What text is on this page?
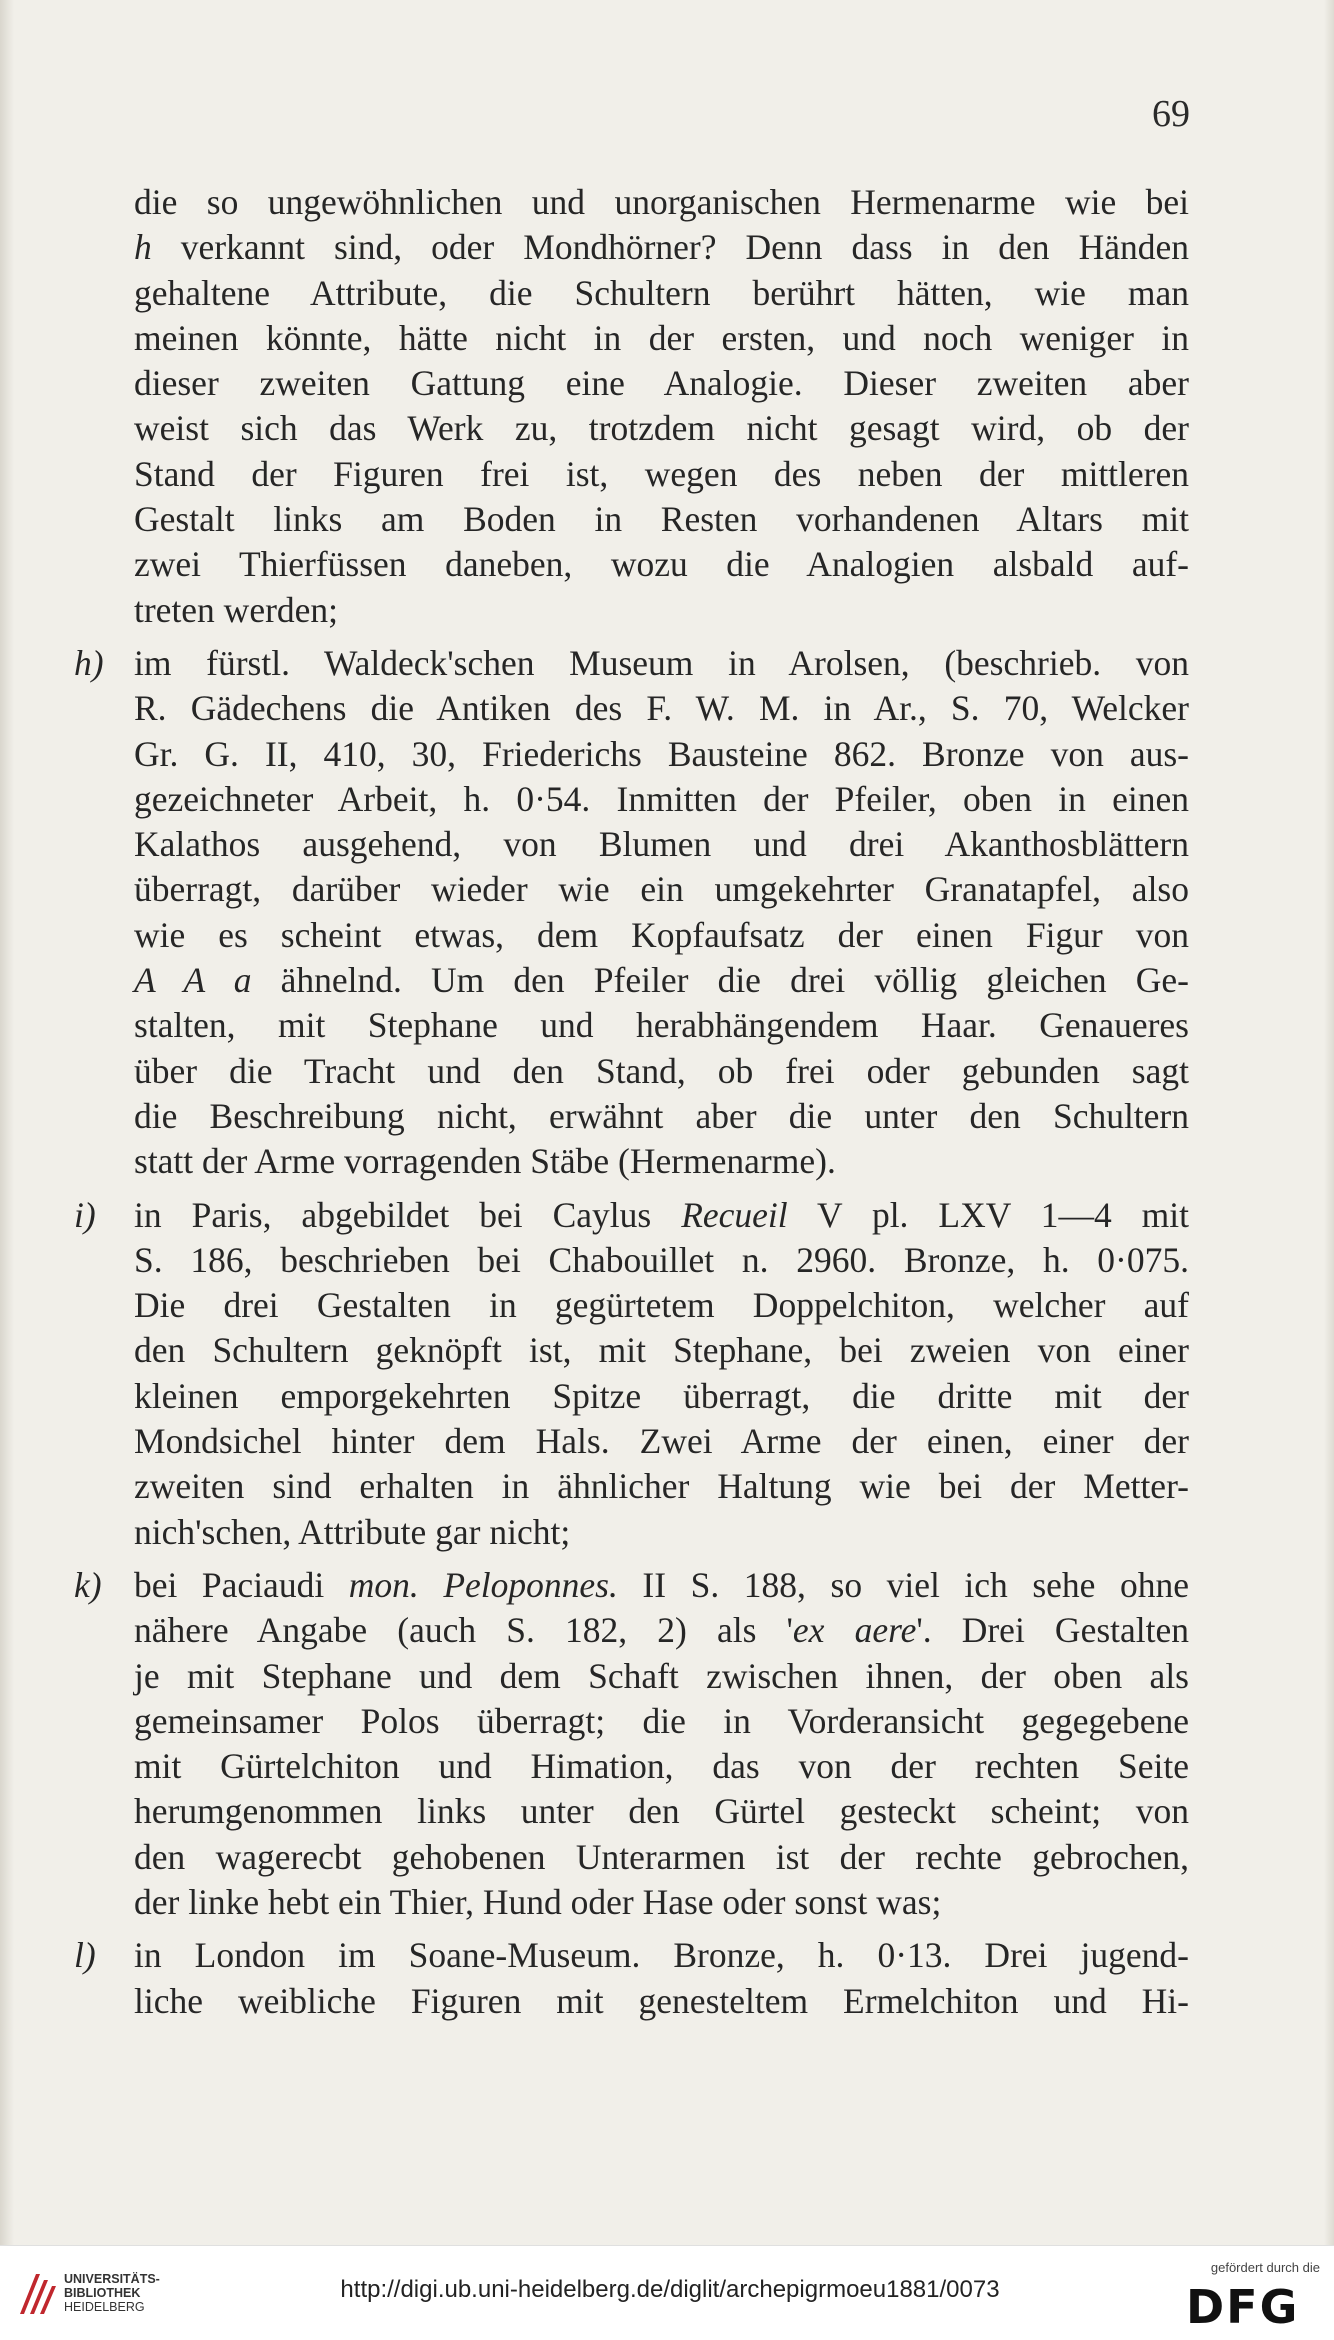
69
die so ungewöhnlichen und unorganischen Hermenarme wie bei
h verkannt sind, oder Mondhörner? Denn dass in den Händen
gehaltene Attribute, die Schultern berührt hätten, wie man
meinen könnte, hätte nicht in der ersten, und noch weniger in
dieser zweiten Gattung eine Analogie. Dieser zweiten aber
weist sich das Werk zu, trotzdem nicht gesagt wird, ob der
Stand der Figuren frei ist, wegen des neben der mittleren
Gestalt links am Boden in Resten vorhandenen Altars mit
zwei Thierfüssen daneben, wozu die Analogien alsbald auf-
treten werden;
h) im fürstl. Waldeck'schen Museum in Arolsen, (beschrieb. von
R. Gädechens die Antiken des F. W. M. in Ar., S. 70, Welcker
Gr. G. II, 410, 30, Friederichs Bausteine 862. Bronze von aus-
gezeichneter Arbeit, h. 0·54. Inmitten der Pfeiler, oben in einen
Kalathos ausgehend, von Blumen und drei Akanthosblättern
überragt, darüber wieder wie ein umgekehrter Granatapfel, also
wie es scheint etwas, dem Kopfaufsatz der einen Figur von
A A a ähnelnd. Um den Pfeiler die drei völlig gleichen Ge-
stalten, mit Stephane und herabhängendem Haar. Genaueres
über die Tracht und den Stand, ob frei oder gebunden sagt
die Beschreibung nicht, erwähnt aber die unter den Schultern
statt der Arme vorragenden Stäbe (Hermenarme).
i)	in Paris, abgebildet bei Caylus Recueil V pl. LXV 1—4 mit
S. 186, beschrieben bei Chabouillet n. 2960. Bronze, h. 0·075.
Die drei Gestalten in gegürtetem Doppelchiton, welcher auf
den Schultern geknöpft ist, mit Stephane, bei zweien von einer
kleinen emporgekehrten Spitze überragt, die dritte mit der
Mondsichel hinter dem Hals. Zwei Arme der einen, einer der
zweiten sind erhalten in ähnlicher Haltung wie bei der Metter-
nich'schen, Attribute gar nicht;
k) bei Paciaudi mon. Peloponnes. II S. 188, so viel ich sehe ohne
nähere Angabe (auch S. 182, 2) als 'ex aere'. Drei Gestalten
je mit Stephane und dem Schaft zwischen ihnen, der oben als
gemeinsamer Polos überragt; die in Vorderansicht gegegebene
mit Gürtelchiton und Himation, das von der rechten Seite
herumgenommen links unter den Gürtel gesteckt scheint; von
den wagerecbt gehobenen Unterarmen ist der rechte gebrochen,
der linke hebt ein Thier, Hund oder Hase oder sonst was;
l)	in London im Soane-Museum. Bronze, h. 0·13. Drei jugend-
liche weibliche Figuren mit genesteltem Ermelchiton und Hi-
UNIVERSITÄTS-
BIBLIOTHEK
HEIDELBERG
http://digi.ub.uni-heidelberg.de/diglit/archepigrmoeu1881/0073
gefördert durch die
DFG
